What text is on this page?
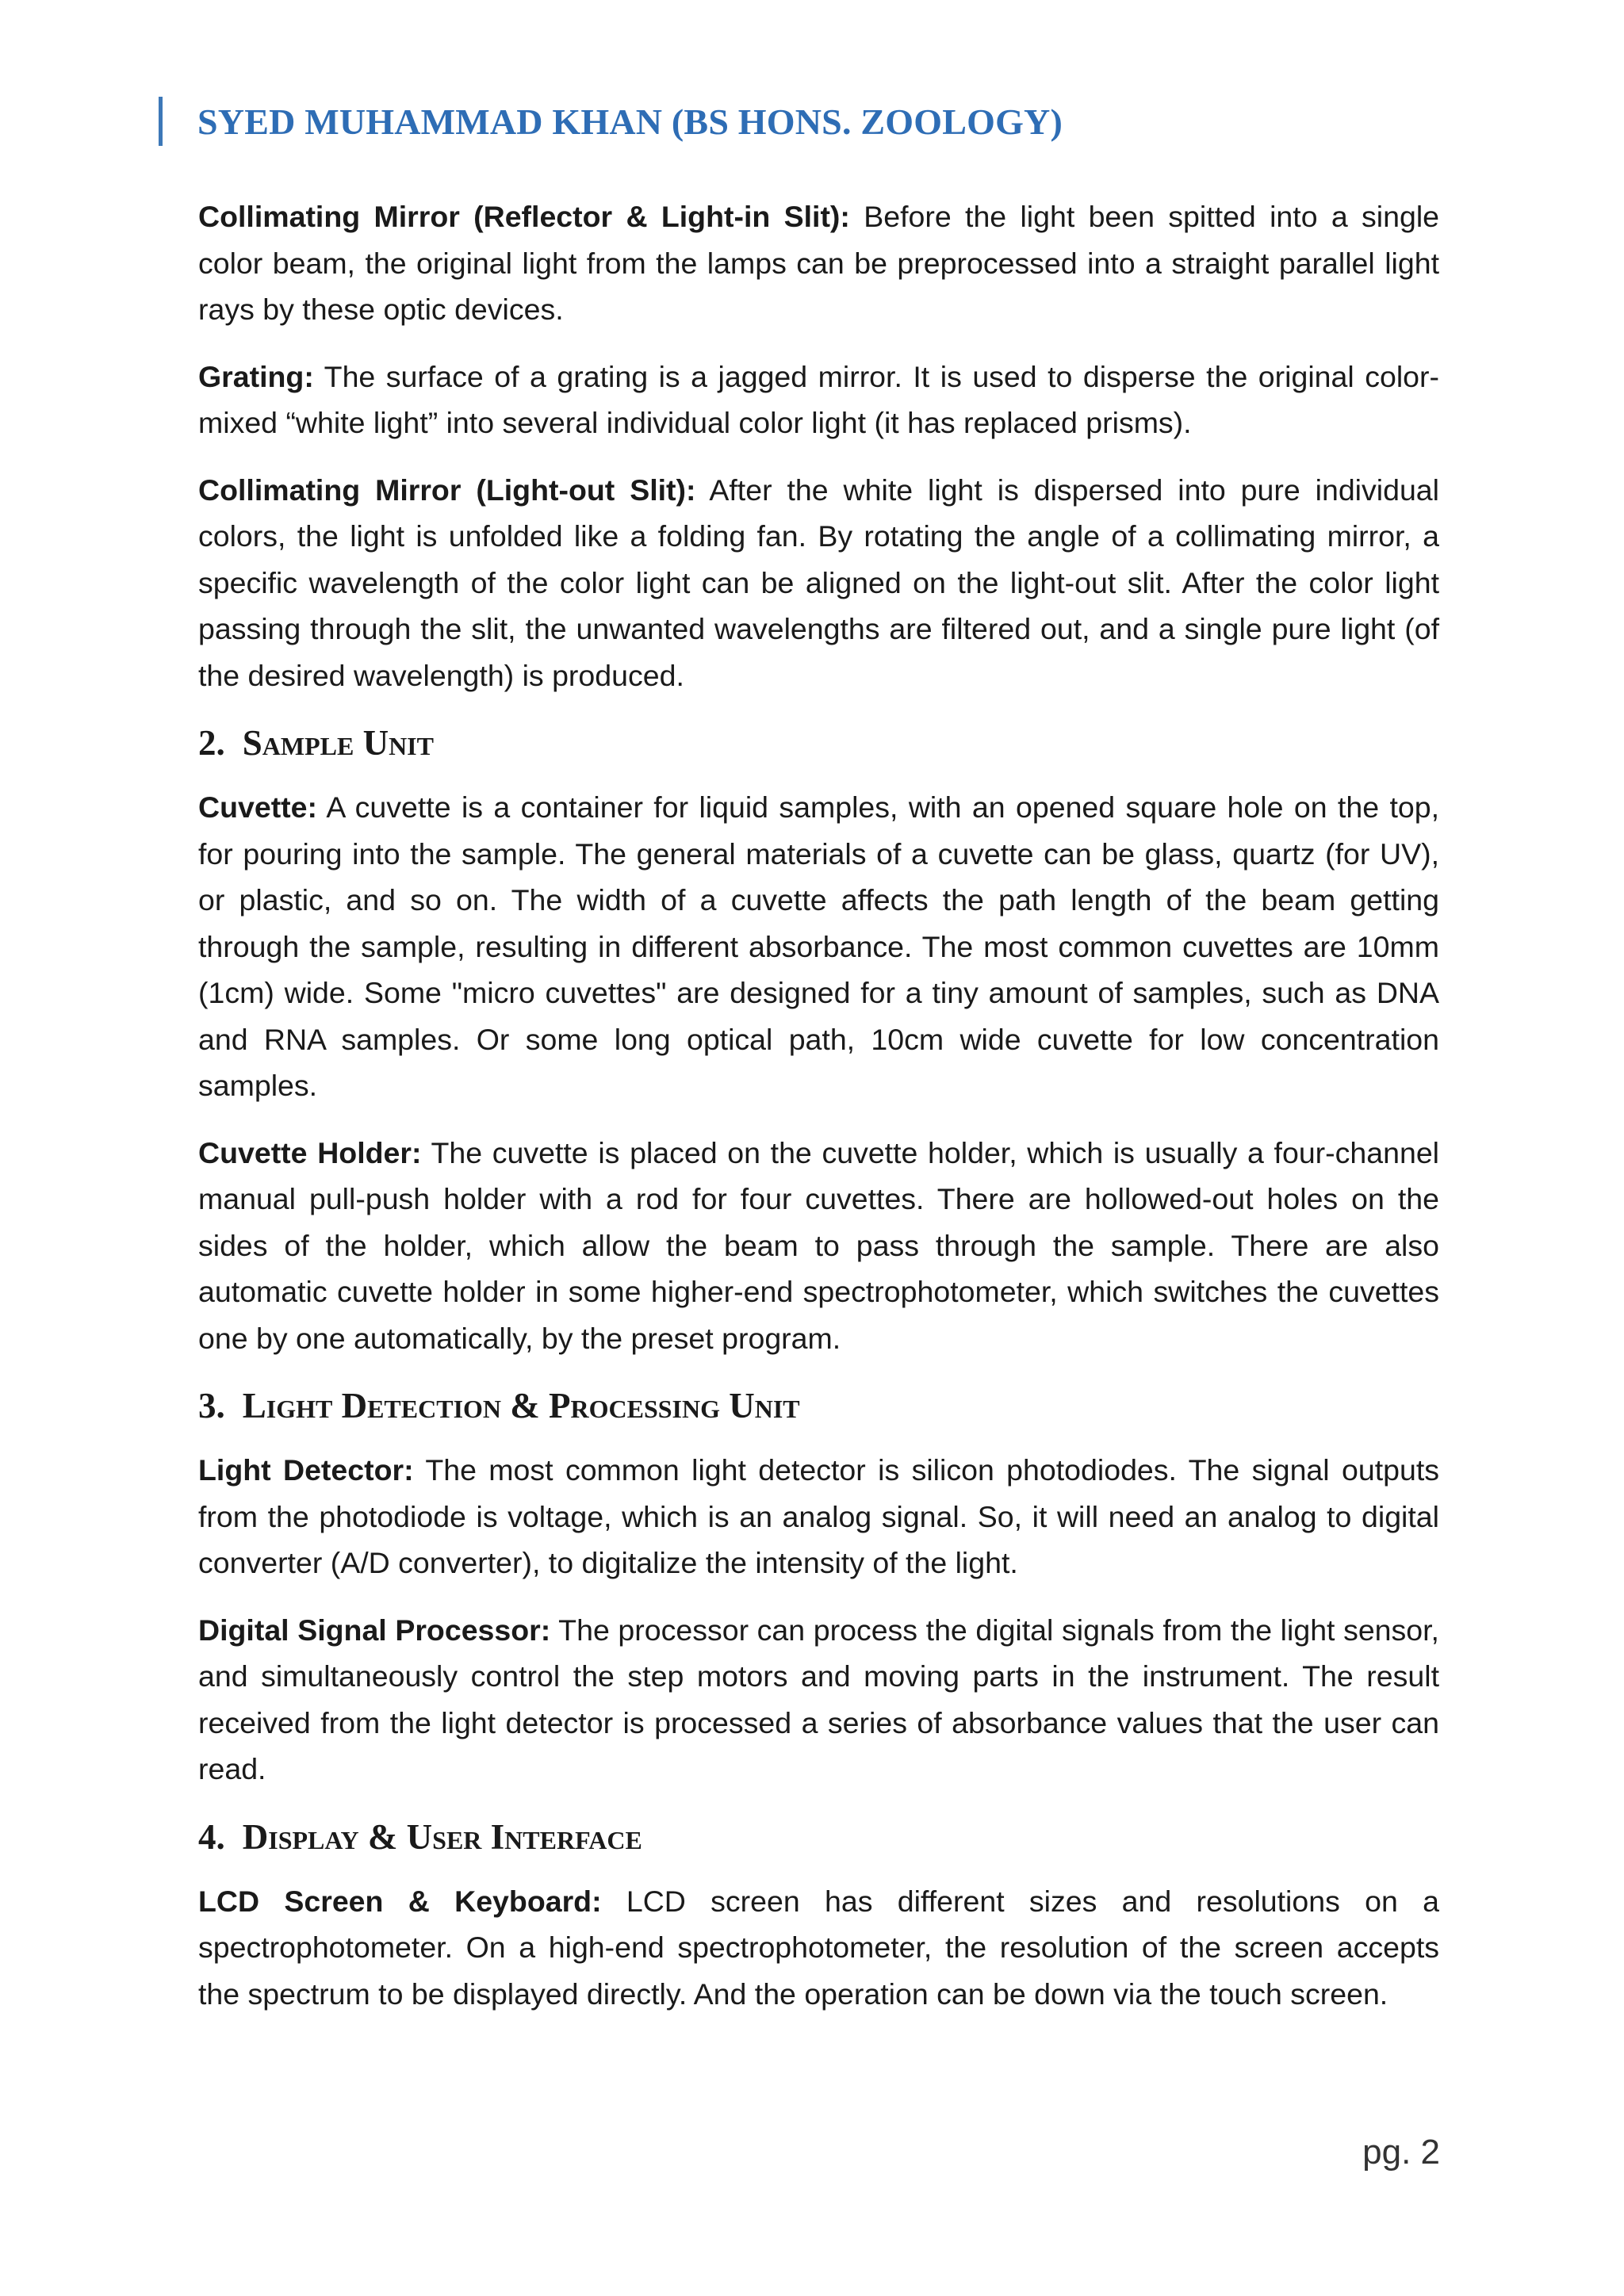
SYED MUHAMMAD KHAN (BS HONS. ZOOLOGY)

Collimating Mirror (Reflector & Light-in Slit): Before the light been spitted into a single color beam, the original light from the lamps can be preprocessed into a straight parallel light rays by these optic devices.

Grating: The surface of a grating is a jagged mirror. It is used to disperse the original color-mixed “white light” into several individual color light (it has replaced prisms).

Collimating Mirror (Light-out Slit): After the white light is dispersed into pure individual colors, the light is unfolded like a folding fan. By rotating the angle of a collimating mirror, a specific wavelength of the color light can be aligned on the light-out slit. After the color light passing through the slit, the unwanted wavelengths are filtered out, and a single pure light (of the desired wavelength) is produced.

2. Sample Unit

Cuvette: A cuvette is a container for liquid samples, with an opened square hole on the top, for pouring into the sample. The general materials of a cuvette can be glass, quartz (for UV), or plastic, and so on. The width of a cuvette affects the path length of the beam getting through the sample, resulting in different absorbance. The most common cuvettes are 10mm (1cm) wide. Some "micro cuvettes" are designed for a tiny amount of samples, such as DNA and RNA samples. Or some long optical path, 10cm wide cuvette for low concentration samples.

Cuvette Holder: The cuvette is placed on the cuvette holder, which is usually a four-channel manual pull-push holder with a rod for four cuvettes. There are hollowed-out holes on the sides of the holder, which allow the beam to pass through the sample. There are also automatic cuvette holder in some higher-end spectrophotometer, which switches the cuvettes one by one automatically, by the preset program.

3. Light Detection & Processing Unit

Light Detector: The most common light detector is silicon photodiodes. The signal outputs from the photodiode is voltage, which is an analog signal. So, it will need an analog to digital converter (A/D converter), to digitalize the intensity of the light.

Digital Signal Processor: The processor can process the digital signals from the light sensor, and simultaneously control the step motors and moving parts in the instrument. The result received from the light detector is processed a series of absorbance values that the user can read.

4. Display & User Interface

LCD Screen & Keyboard: LCD screen has different sizes and resolutions on a spectrophotometer. On a high-end spectrophotometer, the resolution of the screen accepts the spectrum to be displayed directly. And the operation can be down via the touch screen.

pg. 2
